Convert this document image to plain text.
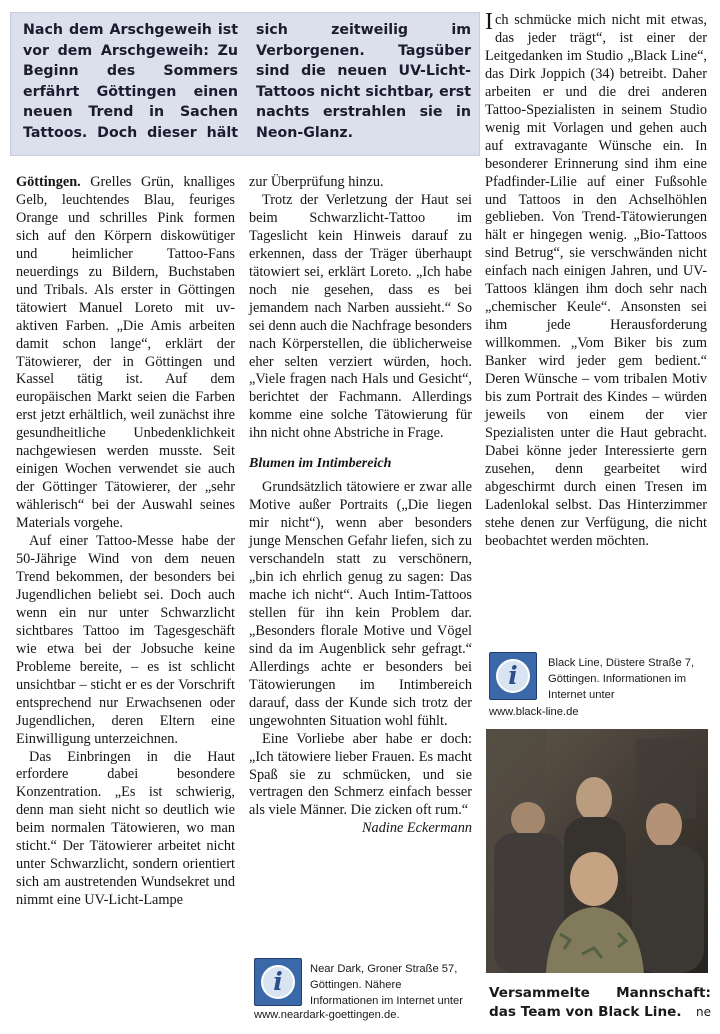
Nach dem Arschgeweih ist vor dem Arschgeweih: Zu Beginn des Sommers erfährt Göttingen einen neuen Trend in Sachen Tattoos. Doch dieser hält sich zeitweilig im Verborgenen. Tagsüber sind die neuen UV-Licht-Tattoos nicht sichtbar, erst nachts erstrahlen sie in Neon-Glanz.

Göttingen. Grelles Grün, knalliges Gelb, leuchtendes Blau, feuriges Orange und schrilles Pink formen sich auf den Körpern diskowütiger und heimlicher Tattoo-Fans neuerdings zu Bildern, Buchstaben und Tribals. Als erster in Göttingen tätowiert Manuel Loreto mit uv-aktiven Farben. „Die Amis arbeiten damit schon lange“, erklärt der Tätowierer, der in Göttingen und Kassel tätig ist. Auf dem europäischen Markt seien die Farben erst jetzt erhältlich, weil zunächst ihre gesundheitliche Unbedenklichkeit nachgewiesen werden musste. Seit einigen Wochen verwendet sie auch der Göttinger Tätowierer, der „sehr wählerisch“ bei der Auswahl seines Materials vorgehe.

Auf einer Tattoo-Messe habe der 50-Jährige Wind von dem neuen Trend bekommen, der besonders bei Jugendlichen beliebt sei. Doch auch wenn ein nur unter Schwarzlicht sichtbares Tattoo im Tagesgeschäft wie etwa bei der Jobsuche keine Probleme bereite, – es ist schlicht unsichtbar – sticht er es der Vorschrift entsprechend nur Erwachsenen oder Jugendlichen, deren Eltern eine Einwilligung unterzeichnen.

Das Einbringen in die Haut erfordere dabei besondere Konzentration. „Es ist schwierig, denn man sieht nicht so deutlich wie beim normalen Tätowieren, wo man sticht.“ Der Tätowierer arbeitet nicht unter Schwarzlicht, sondern orientiert sich am austretenden Wundsekret und nimmt eine UV-Licht-Lampe

zur Überprüfung hinzu.

Trotz der Verletzung der Haut sei beim Schwarzlicht-Tattoo im Tageslicht kein Hinweis darauf zu erkennen, dass der Träger überhaupt tätowiert sei, erklärt Loreto. „Ich habe noch nie gesehen, dass es bei jemandem nach Narben aussieht.“ So sei denn auch die Nachfrage besonders nach Körperstellen, die üblicherweise eher selten verziert würden, hoch. „Viele fragen nach Hals und Gesicht“, berichtet der Fachmann. Allerdings komme eine solche Tätowierung für ihn nicht ohne Abstriche in Frage.

Blumen im Intimbereich

Grundsätzlich tätowiere er zwar alle Motive außer Portraits („Die liegen mir nicht“), wenn aber besonders junge Menschen Gefahr liefen, sich zu verschandeln statt zu verschönern, „bin ich ehrlich genug zu sagen: Das mache ich nicht“. Auch Intim-Tattoos stellen für ihn kein Problem dar. „Besonders florale Motive und Vögel sind da im Augenblick sehr gefragt.“ Allerdings achte er besonders bei Tätowierungen im Intimbereich darauf, dass der Kunde sich trotz der ungewohnten Situation wohl fühlt.

Eine Vorliebe aber habe er doch: „Ich tätowiere lieber Frauen. Es macht Spaß sie zu schmücken, und sie vertragen den Schmerz einfach besser als viele Männer. Die zicken oft rum.“
Nadine Eckermann

i	Near Dark, Groner Straße 57, Göttingen. Nähere Informationen im Internet unter
www.neardark-goettingen.de.

Ich schmücke mich nicht mit etwas, das jeder trägt“, ist einer der Leitgedanken im Studio „Black Line“, das Dirk Joppich (34) betreibt. Daher arbeiten er und die drei anderen Tattoo-Spezialisten in seinem Studio wenig mit Vorlagen und gehen auch auf extravagante Wünsche ein. In besonderer Erinnerung sind ihm eine Pfadfinder-Lilie auf einer Fußsohle und Tattoos in den Achselhöhlen geblieben. Von Trend-Tätowierungen hält er hingegen wenig. „Bio-Tattoos sind Betrug“, sie verschwänden nicht einfach nach einigen Jahren, und UV-Tattoos klängen ihm doch sehr nach „chemischer Keule“. Ansonsten sei ihm jede Herausforderung willkommen. „Vom Biker bis zum Banker wird jeder gem bedient.“ Deren Wünsche – vom tribalen Motiv bis zum Portrait des Kindes – würden jeweils von einem der vier Spezialisten unter die Haut gebracht. Dabei könne jeder Interessierte gern zusehen, denn gearbeitet wird abgeschirmt durch einen Tresen im Ladenlokal selbst. Das Hinterzimmer stehe denen zur Verfügung, die nicht beobachtet werden möchten.

i	Black Line, Düstere Straße 7, Göttingen. Informationen im Internet unter
www.black-line.de
Versammelte Mannschaft: das Team von Black Line. ne
